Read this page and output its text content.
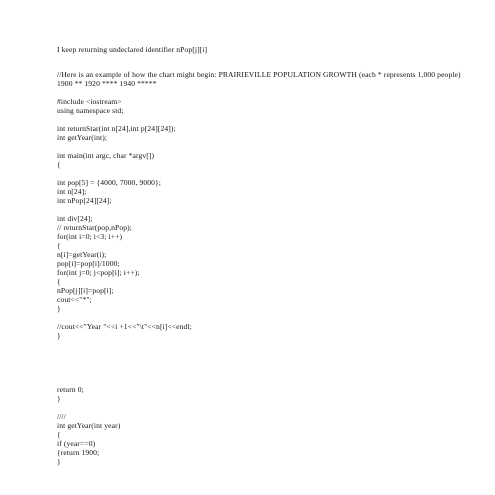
I keep returning undeclared identifier nPop[j][i]
//Here is an example of how the chart might begin: PRAIRIEVILLE POPULATION GROWTH (each * represents 1,000 people) 1900 ** 1920 **** 1940 *****
#include <iostream>
using namespace std;
int returnStar(int n[24],int p[24][24]);
int getYear(int);
int main(int argc, char *argv[])
{
int pop[5] = {4000, 7000, 9000};
int n[24];
int nPop[24][24];
int div[24];
// returnStar(pop,nPop);
for(int i=0; i<3; i++)
{
n[i]=getYear(i);
pop[i]=pop[i]/1000;
for(int j=0; j<pop[i]; i++);
{
nPop[j][i]=pop[i];
cout<<"*";
}
//cout<<"Year "<<i +1<<"\t"<<n[i]<<endl;
}
return 0;
}
////
int getYear(int year)
{
if (year==0)
{return 1900;
}
